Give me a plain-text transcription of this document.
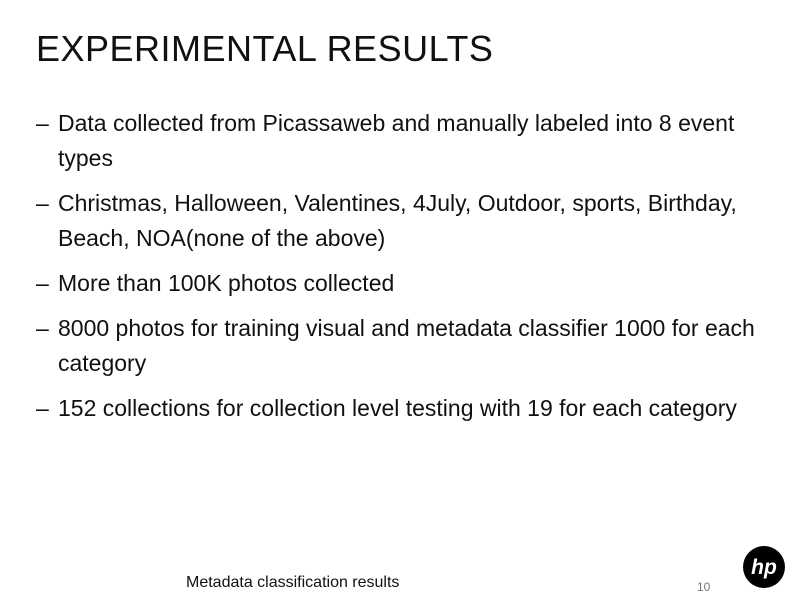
EXPERIMENTAL RESULTS
– Data collected from Picassaweb and manually labeled into 8 event types
– Christmas, Halloween, Valentines, 4July, Outdoor, sports, Birthday, Beach, NOA(none of the above)
– More than 100K photos collected
– 8000 photos for training visual and metadata classifier 1000 for each category
– 152 collections for collection level testing with 19 for each category
Metadata classification results	10
hp
